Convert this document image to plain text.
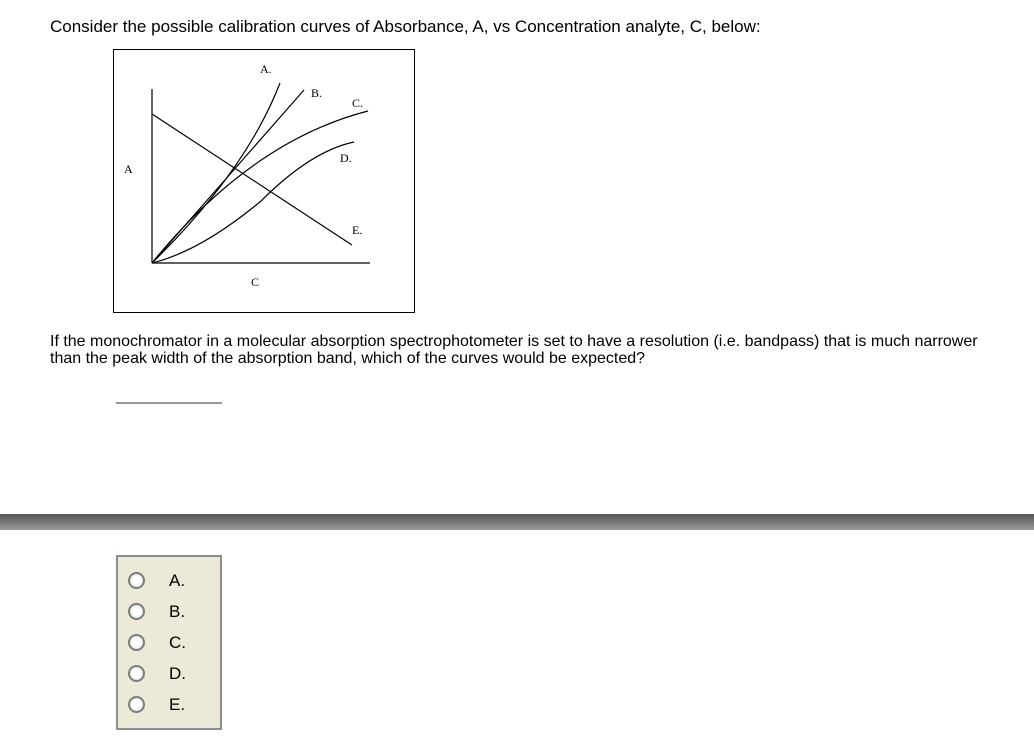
Consider the possible calibration curves of Absorbance, A, vs Concentration analyte, C, below:
A
C
A.
B.
C.
D.
E.
If the monochromator in a molecular absorption spectrophotometer is set to have a resolution (i.e. bandpass) that is much narrower than the peak width of the absorption band, which of the curves would be expected?
A.
B.
C.
D.
E.
